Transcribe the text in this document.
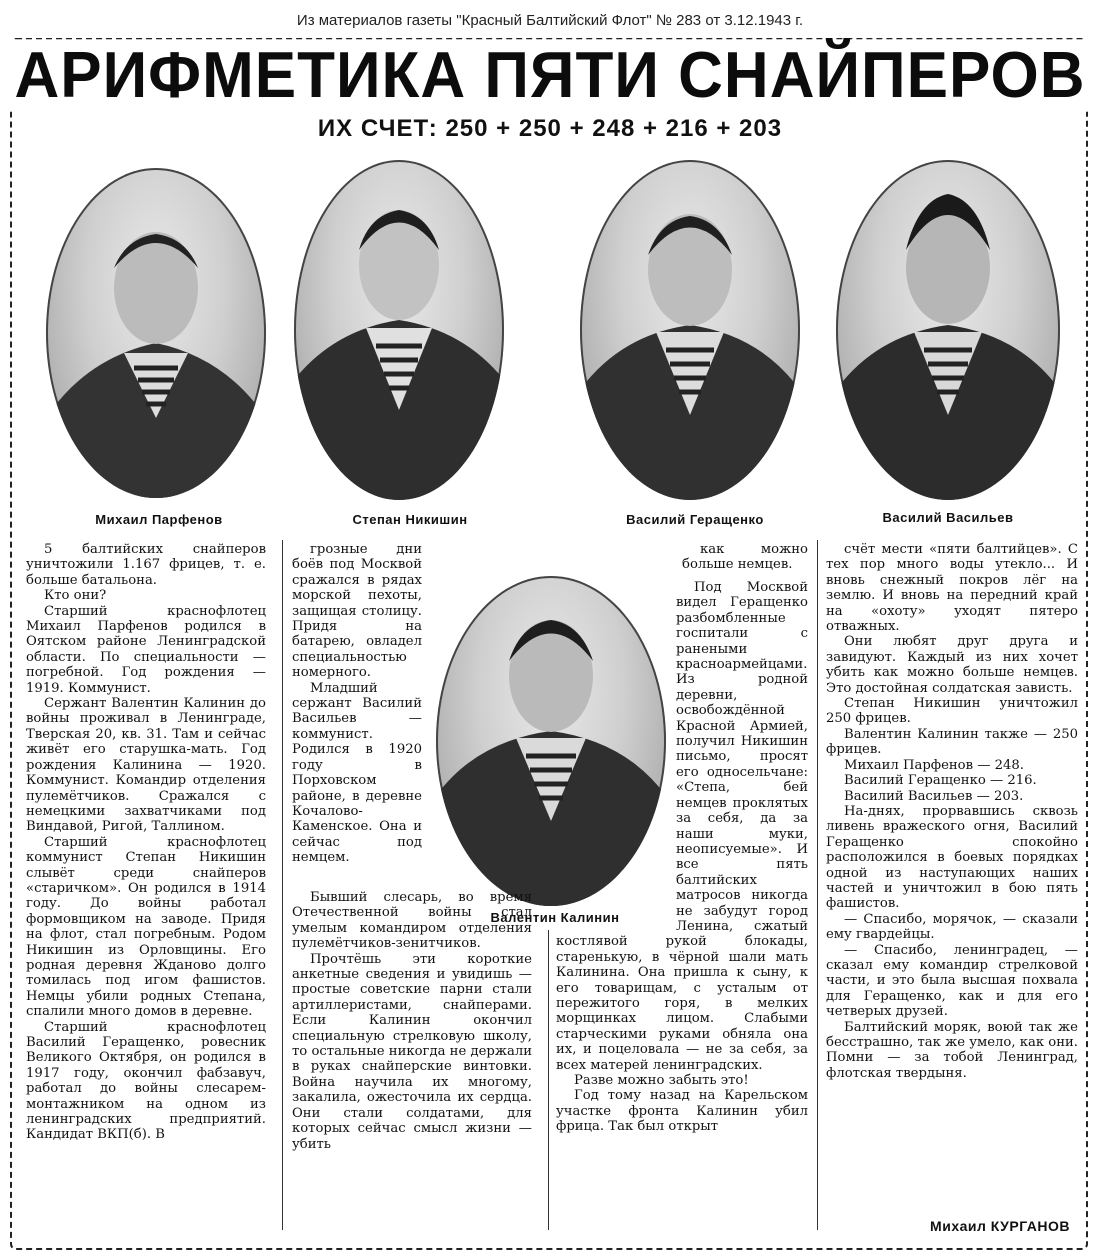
Из материалов газеты "Красный Балтийский Флот" № 283 от 3.12.1943 г.
АРИФМЕТИКА ПЯТИ СНАЙПЕРОВ
ИХ СЧЕТ: 250 + 250 + 248 + 216 + 203
Михаил Парфенов	Степан Никишин	Василий Геращенко	Василий Васильев
Валентин Калинин

5 балтийских снайперов уничтожили 1.167 фрицев, т. е. больше батальона.

Кто они?

Старший краснофлотец Михаил Парфенов родился в Оятском районе Ленинградской области. По специальности — погребной. Год рождения — 1919. Коммунист.

Сержант Валентин Калинин до войны проживал в Ленинграде, Тверская 20, кв. 31. Там и сейчас живёт его старушка-мать. Год рождения Калинина — 1920. Коммунист. Командир отделения пулемётчиков. Сражался с немецкими захватчиками под Виндавой, Ригой, Таллином.

Старший краснофлотец коммунист Степан Никишин слывёт среди снайперов «старичком». Он родился в 1914 году. До войны работал формовщиком на заводе. Придя на флот, стал погребным. Родом Никишин из Орловщины. Его родная деревня Ждановo долго томилась под игом фашистов. Немцы убили родных Степана, спалили много домов в деревне.

Старший краснофлотец Василий Геращенко, ровесник Великого Октября, он родился в 1917 году, окончил фабзавуч, работал до войны слесарем-монтажником на одном из ленинградских предприятий. Кандидат ВКП(б). В

грозные дни боёв под Москвой сражался в рядах морской пехоты, защищая столицу. Придя на батарею, овладел специальностью номерного.

Младший сержант Василий Васильев — коммунист. Родился в 1920 году в Порховском районе, в деревне Кочалово-Каменское. Она и сейчас под немцем.

Бывший слесарь, во время Отечественной войны стал умелым командиром отделения пулемётчиков-зенитчиков.

Прочтёшь эти короткие анкетные сведения и увидишь — простые советские парни стали артиллеристами, снайперами. Если Калинин окончил специальную стрелковую школу, то остальные никогда не держали в руках снайперские винтовки. Война научила их многому, закалила, ожесточила их сердца. Они стали солдатами, для которых сейчас смысл жизни — убить

как можно больше немцев.

Под Москвой видел Геращенко разбомбленные госпитали с ранеными красноармейцами. Из родной деревни, освобождённой Красной Армией, получил Никишин письмо, просят его односельчане: «Степа, бей немцев проклятых за себя, да за наши муки, неописуемые». И все пять балтийских матросов никогда не забудут город Ленина, сжатый костлявой рукой блокады, старенькую, в чёрной шали мать Калинина. Она пришла к сыну, к его товарищам, с усталым от пережитого горя, в мелких морщинках лицом. Слабыми старческими руками обняла она их, и поцеловала — не за себя, за всех матерей ленинградских.

Разве можно забыть это!

Год тому назад на Карельском участке фронта Калинин убил фрица. Так был открыт

счёт мести «пяти балтийцев». С тех пор много воды утекло... И вновь снежный покров лёг на землю. И вновь на передний край на «охоту» уходят пятеро отважных.

Они любят друг друга и завидуют. Каждый из них хочет убить как можно больше немцев. Это достойная солдатская зависть.

Степан Никишин уничтожил 250 фрицев.

Валентин Калинин также — 250 фрицев.

Михаил Парфенов — 248.

Василий Геращенко — 216.

Василий Васильев — 203.

На-днях, прорвавшись сквозь ливень вражеского огня, Василий Геращенко спокойно расположился в боевых порядках одной из наступающих наших частей и уничтожил в бою пять фашистов.

— Спасибо, морячок, — сказали ему гвардейцы.

— Спасибо, ленинградец, — сказал ему командир стрелковой части, и это была высшая похвала для Геращенко, как и для его четверых друзей.

Балтийский моряк, воюй так же бесстрашно, так же умело, как они. Помни — за тобой Ленинград, флотская твердыня.

Михаил КУРГАНОВ
